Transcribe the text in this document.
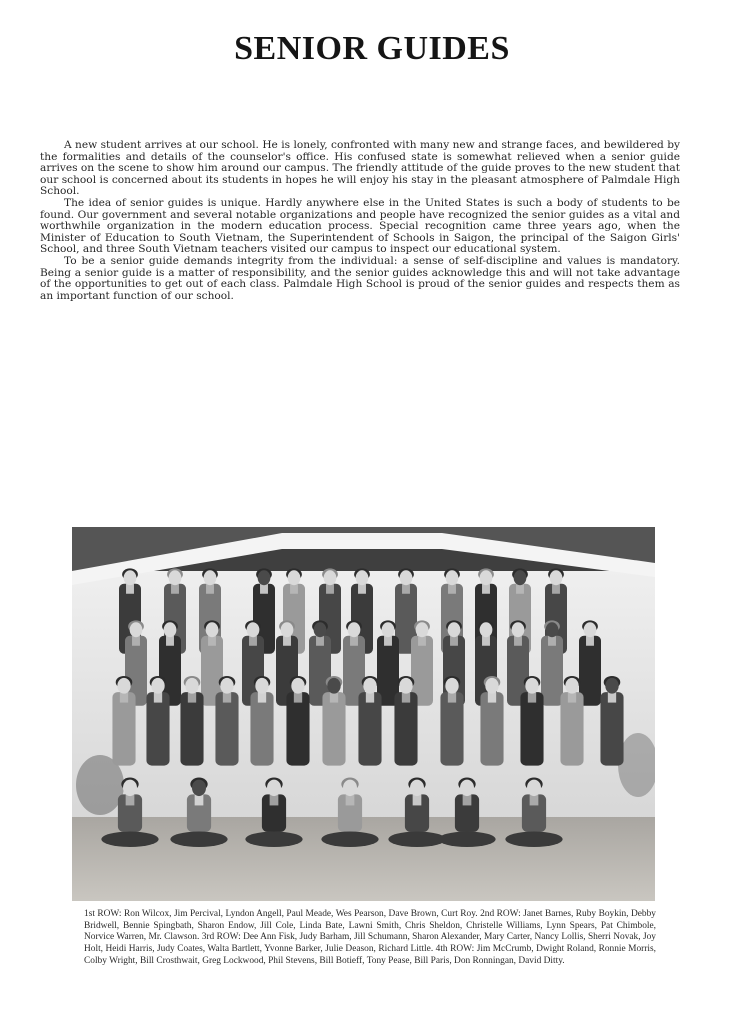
SENIOR GUIDES

A new student arrives at our school. He is lonely, confronted with many new and strange faces, and bewildered by the formalities and details of the counselor's office. His confused state is somewhat relieved when a senior guide arrives on the scene to show him around our campus. The friendly attitude of the guide proves to the new student that our school is concerned about its students in hopes he will enjoy his stay in the pleasant atmosphere of Palmdale High School.

The idea of senior guides is unique. Hardly anywhere else in the United States is such a body of students to be found. Our government and several notable organizations and people have recognized the senior guides as a vital and worthwhile organization in the modern education process. Special recognition came three years ago, when the Minister of Education to South Vietnam, the Superintendent of Schools in Saigon, the principal of the Saigon Girls' School, and three South Vietnam teachers visited our campus to inspect our educational system.

To be a senior guide demands integrity from the individual: a sense of self-discipline and values is mandatory. Being a senior guide is a matter of responsibility, and the senior guides acknowledge this and will not take advantage of the opportunities to get out of each class. Palmdale High School is proud of the senior guides and respects them as an important function of our school.

1st ROW: Ron Wilcox, Jim Percival, Lyndon Angell, Paul Meade, Wes Pearson, Dave Brown, Curt Roy. 2nd ROW: Janet Barnes, Ruby Boykin, Debby Bridwell, Bennie Spingbath, Sharon Endow, Jill Cole, Linda Bate, Lawni Smith, Chris Sheldon, Christelle Williams, Lynn Spears, Pat Chimbole, Norvice Warren, Mr. Clawson. 3rd ROW: Dee Ann Fisk, Judy Barham, Jill Schumann, Sharon Alexander, Mary Carter, Nancy Lollis, Sherri Novak, Joy Holt, Heidi Harris, Judy Coates, Walta Bartlett, Yvonne Barker, Julie Deason, Richard Little. 4th ROW: Jim McCrumb, Dwight Roland, Ronnie Morris, Colby Wright, Bill Crosthwait, Greg Lockwood, Phil Stevens, Bill Botieff, Tony Pease, Bill Paris, Don Ronningan, David Ditty.
